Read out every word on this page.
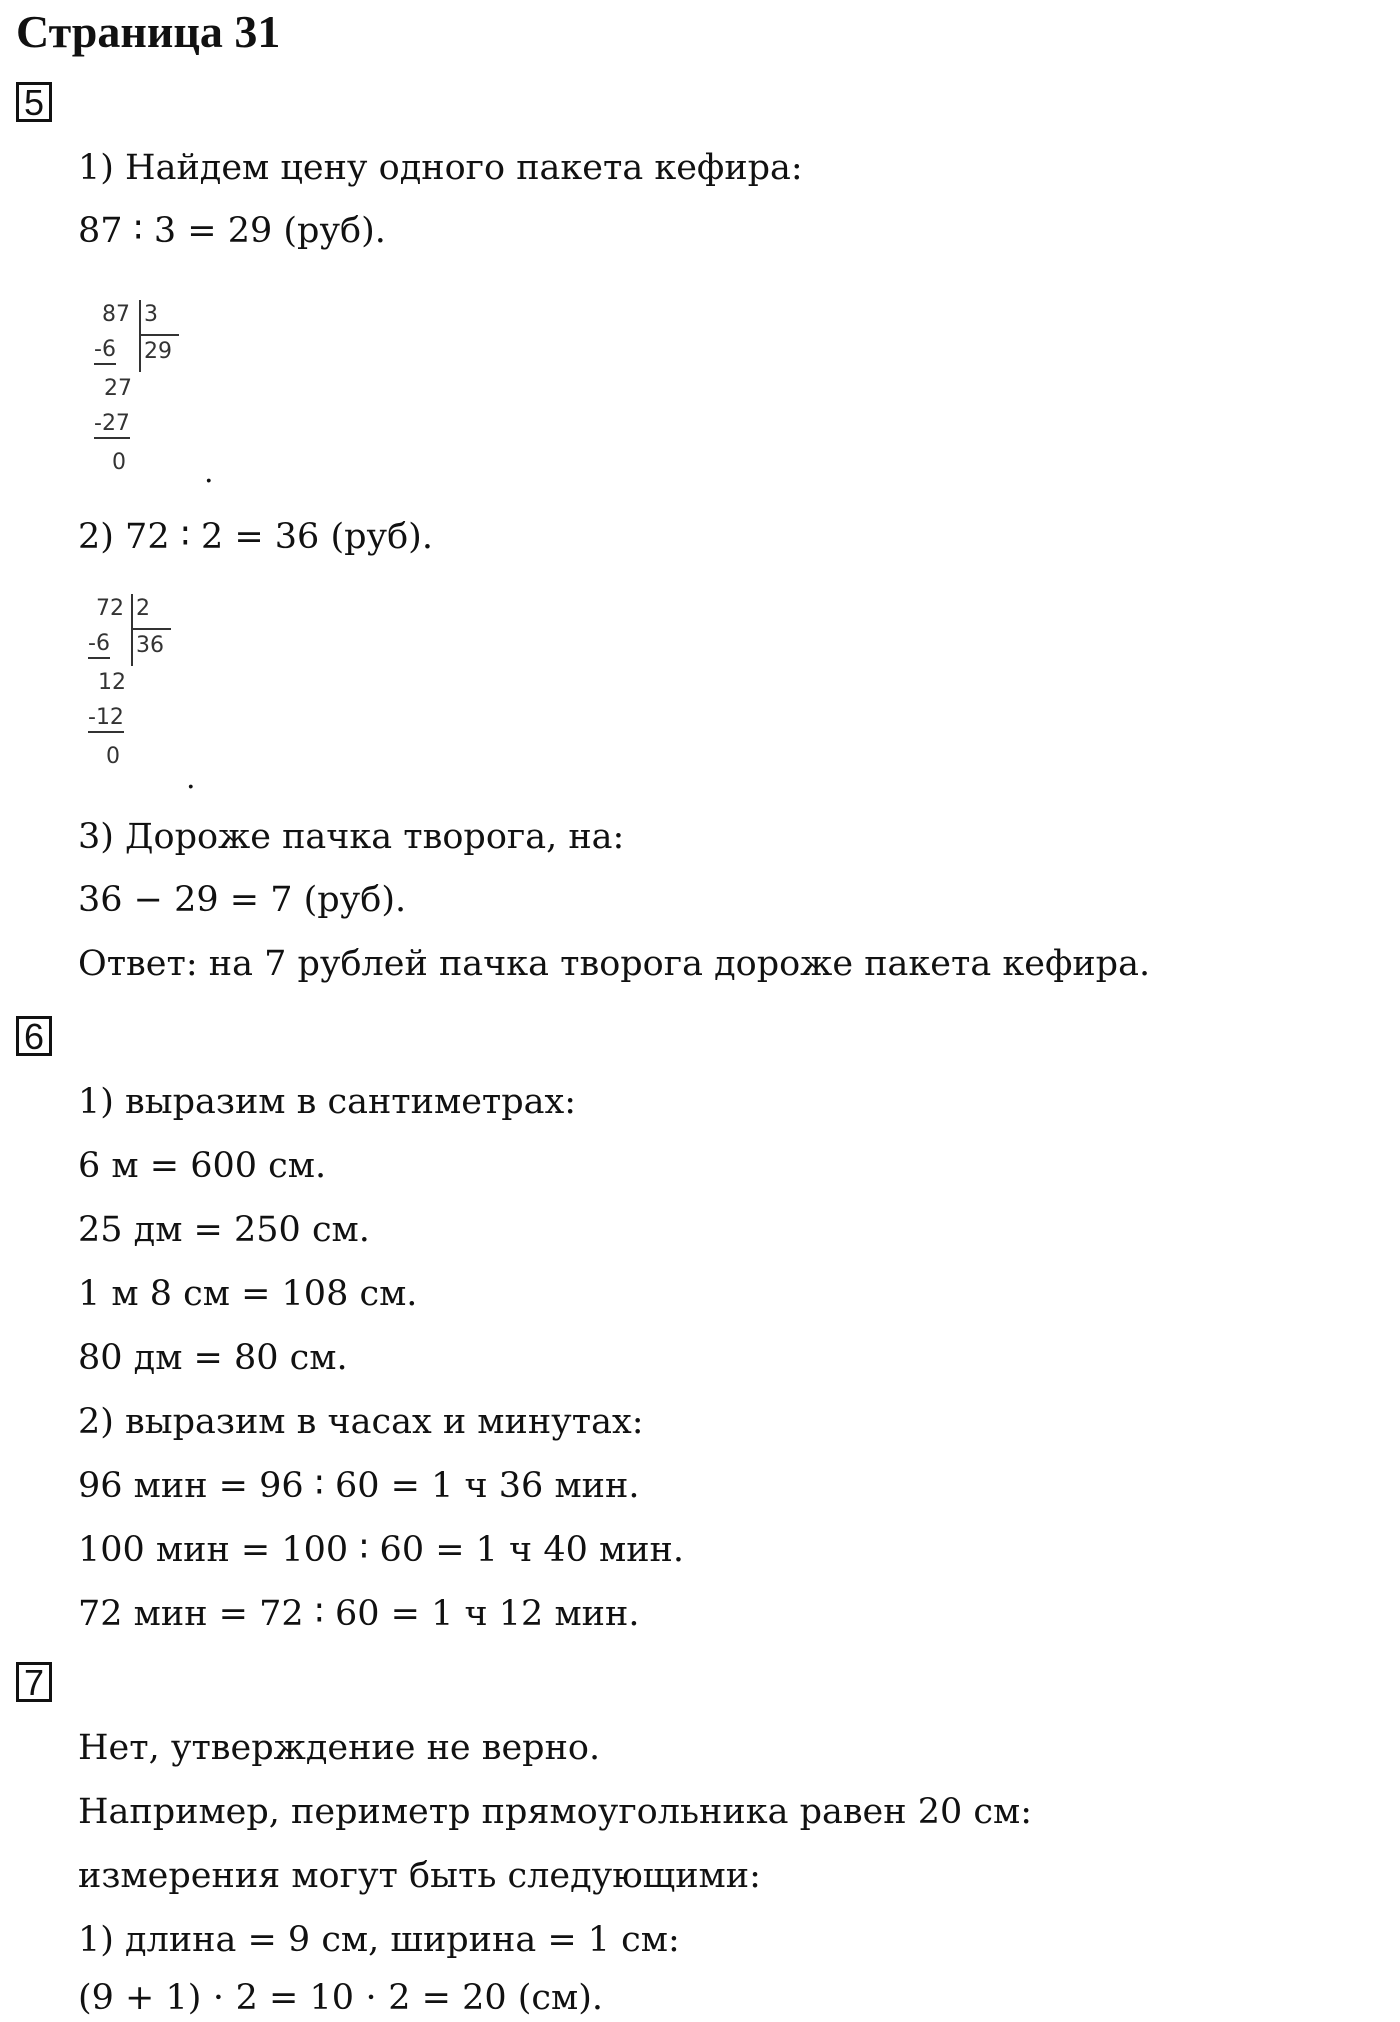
Страница 31
5
1) Найдем цену одного пакета кефира:
87 ∶ 3 = 29 (руб).
87 3
29
-6
27
-27
0	.
2) 72 ∶ 2 = 36 (руб).
72 2
36
-6
12
-12
0
.
3) Дороже пачка творога, на:
36 − 29 = 7 (руб).
Ответ: на 7 рублей пачка творога дороже пакета кефира.
6
1) выразим в сантиметрах:
6 м = 600 см.
25 дм = 250 см.
1 м 8 см = 108 см.
80 дм = 80 см.
2) выразим в часах и минутах:
96 мин = 96 ∶ 60 = 1 ч 36 мин.
100 мин = 100 ∶ 60 = 1 ч 40 мин.
72 мин = 72 ∶ 60 = 1 ч 12 мин.
7
Нет, утверждение не верно.
Например, периметр прямоугольника равен 20 см:
измерения могут быть следующими:
1) длина = 9 см, ширина = 1 см:
(9 + 1) ⋅ 2 = 10 ⋅ 2 = 20 (см).
